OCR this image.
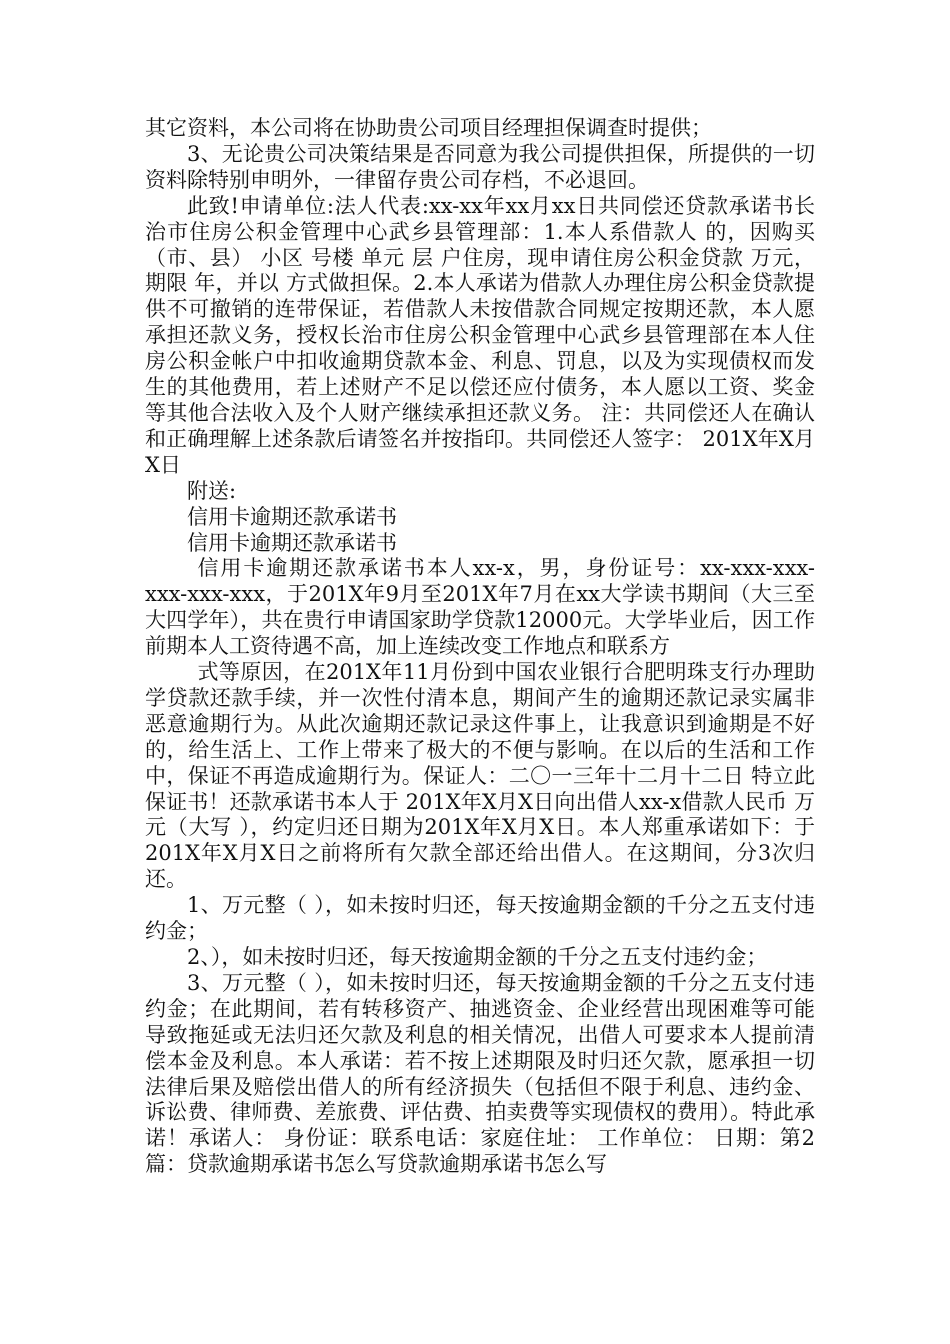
其它资料，本公司将在协助贵公司项目经理担保调查时提供；

3、无论贵公司决策结果是否同意为我公司提供担保，所提供的一切资料除特别申明外，一律留存贵公司存档，不必退回。

此致!申请单位:法人代表:xx-xx年xx月xx日共同偿还贷款承诺书长治市住房公积金管理中心武乡县管理部：1.本人系借款人 的，因购买 （市、县） 小区 号楼 单元 层 户住房，现申请住房公积金贷款 万元，期限 年，并以 方式做担保。2.本人承诺为借款人办理住房公积金贷款提供不可撤销的连带保证，若借款人未按借款合同规定按期还款，本人愿承担还款义务，授权长治市住房公积金管理中心武乡县管理部在本人住房公积金帐户中扣收逾期贷款本金、利息、罚息，以及为实现债权而发生的其他费用，若上述财产不足以偿还应付债务，本人愿以工资、奖金等其他合法收入及个人财产继续承担还款义务。 注：共同偿还人在确认和正确理解上述条款后请签名并按指印。共同偿还人签字： 201X年X月X日

附送:

信用卡逾期还款承诺书

信用卡逾期还款承诺书

信用卡逾期还款承诺书本人xx-x，男，身份证号：xx-xxx-xxx-xxx-xxx-xxx，于201X年9月至201X年7月在xx大学读书期间（大三至大四学年），共在贵行申请国家助学贷款12000元。大学毕业后，因工作前期本人工资待遇不高，加上连续改变工作地点和联系方

式等原因，在201X年11月份到中国农业银行合肥明珠支行办理助学贷款还款手续，并一次性付清本息，期间产生的逾期还款记录实属非恶意逾期行为。从此次逾期还款记录这件事上，让我意识到逾期是不好的，给生活上、工作上带来了极大的不便与影响。在以后的生活和工作中，保证不再造成逾期行为。保证人：二〇一三年十二月十二日 特立此保证书！还款承诺书本人于 201X年X月X日向出借人xx-x借款人民币 万元（大写 ），约定归还日期为201X年X月X日。本人郑重承诺如下：于 201X年X月X日之前将所有欠款全部还给出借人。在这期间，分3次归还。

1、万元整（ ），如未按时归还，每天按逾期金额的千分之五支付违约金；

2、），如未按时归还，每天按逾期金额的千分之五支付违约金；

3、万元整（ ），如未按时归还，每天按逾期金额的千分之五支付违约金；在此期间，若有转移资产、抽逃资金、企业经营出现困难等可能导致拖延或无法归还欠款及利息的相关情况，出借人可要求本人提前清偿本金及利息。本人承诺：若不按上述期限及时归还欠款，愿承担一切法律后果及赔偿出借人的所有经济损失（包括但不限于利息、违约金、诉讼费、律师费、差旅费、评估费、拍卖费等实现债权的费用）。特此承诺！承诺人： 身份证：联系电话：家庭住址： 工作单位： 日期：第2篇：贷款逾期承诺书怎么写贷款逾期承诺书怎么写
